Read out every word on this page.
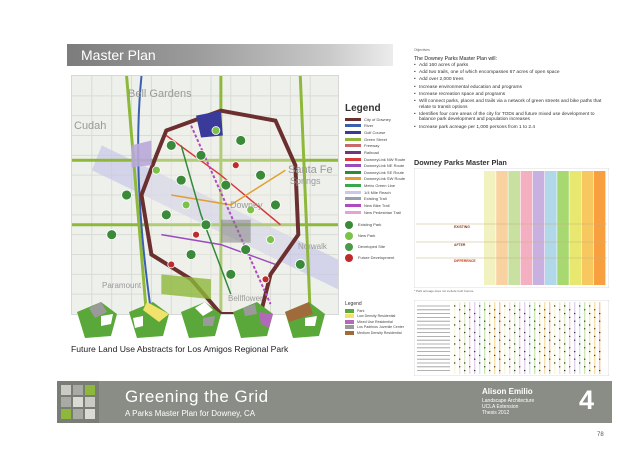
Master Plan
Bell Gardens
Cudah
Santa Fe
Springs
Downey
Norwalk
Paramount
Bellflower
Legend
City of Downey
River
Golf Course
Green Street
Freeway
Railroad
DowneyLink NW Route
DowneyLink NE Route
DowneyLink SE Route
DowneyLink SW Route
Metro Green Line
1/4 Mile Reach
Existing Trail
New Bike Trail
New Pedestrian Trail
Existing Park
New Park
Developed Site
Future Development
Future Land Use Abstracts for Los Amigos Regional Park
Legend
Park
Low Density Residential
Mixed Use Residential
Los Padrinos Juvenile Center
Medium Density Residential
Objectives
The Downey Parks Master Plan will:
• Add 160 acres of parks
• Add two trails, one of which encompasses 67 acres of open space
• Add over 2,000 trees
• Increase environmental education and programs
• Increase recreation space and programs
• Will connect parks, places and trails via a network of green streets and bike paths that relate to transit options
• Identifies four core areas of the city for TODs and future mixed use development to balance park development and population increases
• Increase park acreage per 1,000 persons from 1 to 2.4
Downey Parks Master Plan
EXISTING
AFTER
DIFFERENCE
* Park acreage does not include Golf Course
Greening the Grid
A Parks Master Plan for Downey, CA
Alison Emilio
Landscape Architecture
UCLA Extension
Thesis 2012	4
78
